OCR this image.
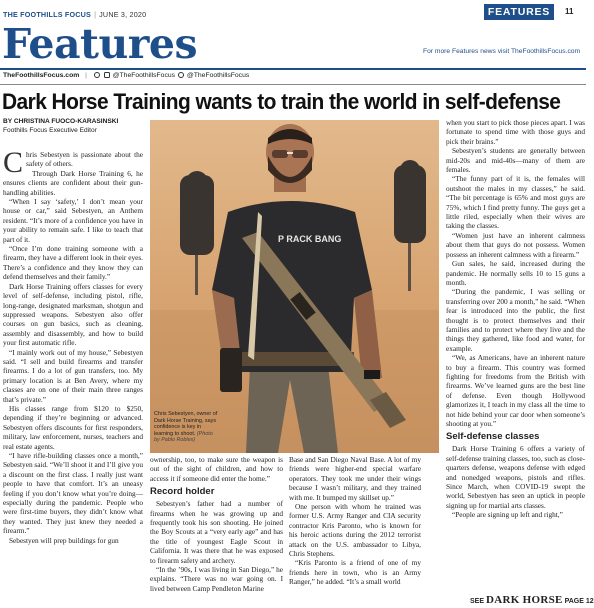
THE FOOTHILLS FOCUS | JUNE 3, 2020	FEATURES	11
Features	For more Features news visit TheFoothillsFocus.com
TheFoothillsFocus.com |	@TheFoothillsFocus @TheFoothillsFocus
Dark Horse Training wants to train the world in self-defense
BY CHRISTINA FUOCO-KARASINSKI
Foothills Focus Executive Editor

Chris Sebestyen is passionate about the safety of others.

Through Dark Horse Training 6, he ensures clients are confident about their gun-handling abilities.

“When I say ‘safety,’ I don’t mean your house or car,” said Sebestyen, an Anthem resident. “It’s more of a confidence you have in your ability to remain safe. I like to teach that part of it.

“Once I’m done training someone with a firearm, they have a different look in their eyes. There’s a confidence and they know they can defend themselves and their family.”

Dark Horse Training offers classes for every level of self-defense, including pistol, rifle, long-range, designated marksman, shotgun and suppressed weapons. Sebestyen also offer courses on gun basics, such as cleaning, assembly and disassembly, and how to build your first automatic rifle.

“I mainly work out of my house,” Sebestyen said. “I sell and build firearms and transfer firearms. I do a lot of gun transfers, too. My primary location is at Ben Avery, where my classes are on one of their main three ranges that’s private.”

His classes range from $120 to $250, depending if they’re beginning or advanced. Sebestyen offers discounts for first responders, military, law enforcement, nurses, teachers and real estate agents.

“I have rifle-building classes once a month,” Sebestyen said. “We’ll shoot it and I’ll give you a discount on the first class. I really just want people to have that comfort. It’s an uneasy feeling if you don’t know what you’re doing—especially during the pandemic. People who were first-time buyers, they didn’t know what they wanted. They just knew they needed a firearm.”

Sebestyen will prep buildings for gun

P RACK BANG
Chris Sebestyen, owner of Dark Horse Training, says confidence is key in learning to shoot. (Photo by Pablo Robles)

ownership, too, to make sure the weapon is out of the sight of children, and how to access it if someone did enter the home.”

Record holder

Sebestyen’s father had a number of firearms when he was growing up and frequently took his son shooting. He joined the Boy Scouts at a “very early age” and has the title of youngest Eagle Scout in California. It was there that he was exposed to firearm safety and archery.

“In the ’90s, I was living in San Diego,” he explains. “There was no war going on. I lived between Camp Pendleton Marine

Base and San Diego Naval Base. A lot of my friends were higher-end special warfare operators. They took me under their wings because I wasn’t military, and they trained with me. It bumped my skillset up.”

One person with whom he trained was former U.S. Army Ranger and CIA security contractor Kris Paronto, who is known for his heroic actions during the 2012 terrorist attack on the U.S. ambassador to Libya, Chris Stephens.

“Kris Paronto is a friend of one of my friends here in town, who is an Army Ranger,” he added. “It’s a small world

when you start to pick those pieces apart. I was fortunate to spend time with those guys and pick their brains.”

Sebestyen’s students are generally between mid-20s and mid-40s—many of them are females.

“The funny part of it is, the females will outshoot the males in my classes,” he said. “The bit percentage is 65% and most guys are 75%, which I find pretty funny. The guys get a little riled, especially when their wives are taking the classes.

“Women just have an inherent calmness about them that guys do not possess. Women possess an inherent calmness with a firearm.”

Gun sales, he said, increased during the pandemic. He normally sells 10 to 15 guns a month.

“During the pandemic, I was selling or transferring over 200 a month,” he said. “When fear is introduced into the public, the first thought is to protect themselves and their families and to protect where they live and the things they gathered, like food and water, for example.

“We, as Americans, have an inherent nature to buy a firearm. This country was formed fighting for freedoms from the British with firearms. We’ve learned guns are the best line of defense. Even though Hollywood glamorizes it, I teach in my class all the time to not hide behind your car door when someone’s shooting at you.”

Self-defense classes

Dark Horse Training 6 offers a variety of self-defense training classes, too, such as close-quarters defense, weapons defense with edged and nonedged weapons, pistols and rifles. Since March, when COVID-19 swept the world, Sebestyen has seen an uptick in people signing up for martial arts classes.

“People are signing up left and right,”

SEE DARK HORSE PAGE 12
